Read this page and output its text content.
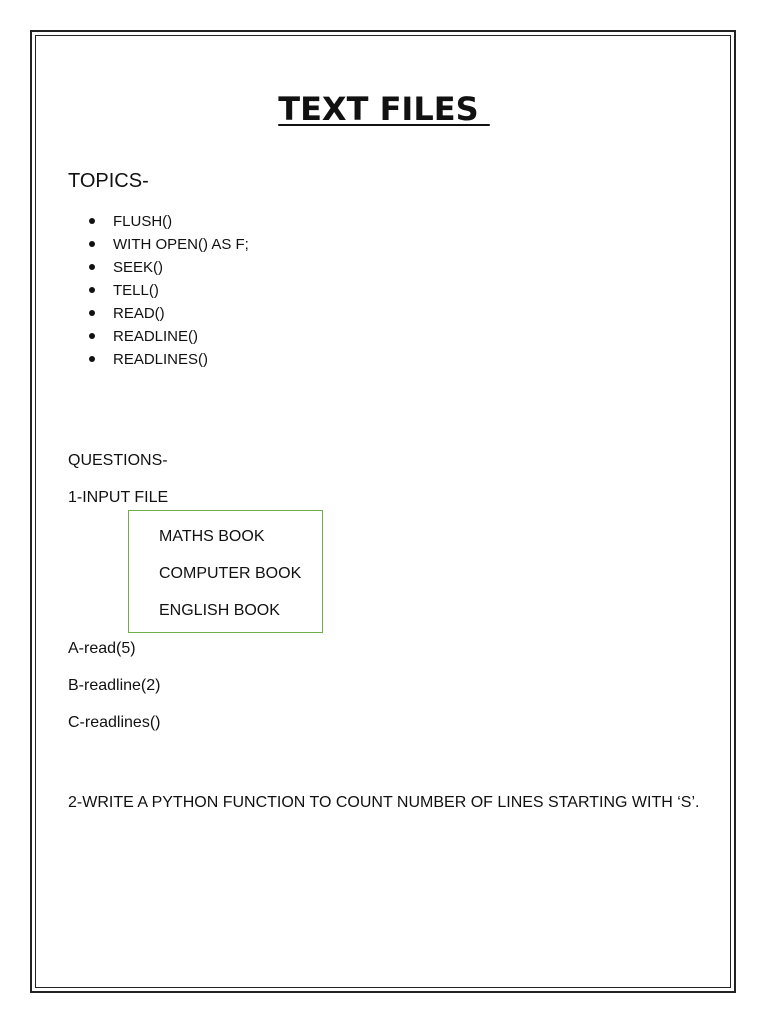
TEXT FILES

TOPICS-

FLUSH()
WITH OPEN() AS F;
SEEK()
TELL()
READ()
READLINE()
READLINES()

QUESTIONS-

1-INPUT FILE

MATHS BOOK
COMPUTER BOOK
ENGLISH BOOK

A-read(5)

B-readline(2)

C-readlines()

2-WRITE A PYTHON FUNCTION TO COUNT NUMBER OF LINES STARTING WITH ‘S’.
